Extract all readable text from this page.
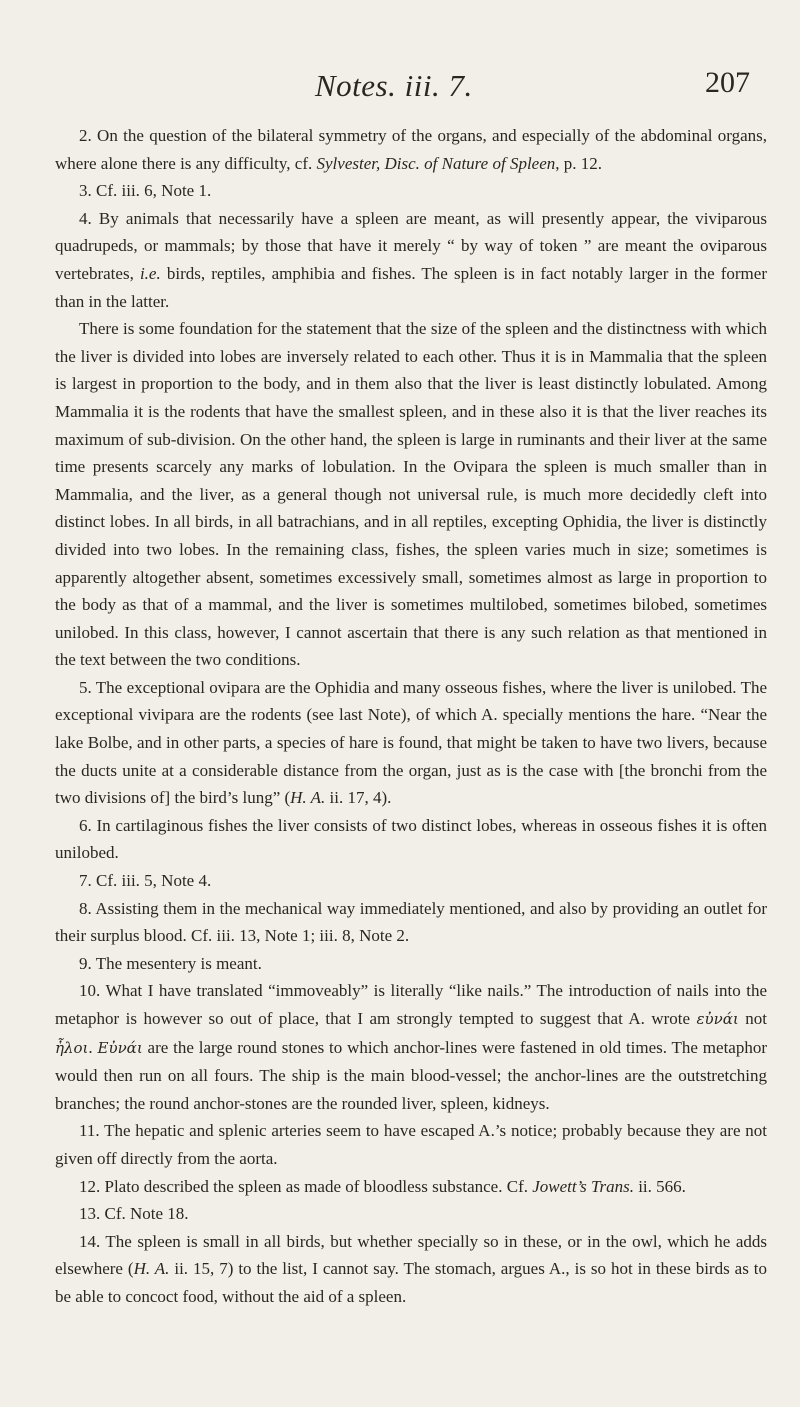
Notes. iii. 7.	207

2. On the question of the bilateral symmetry of the organs, and especially of the abdominal organs, where alone there is any difficulty, cf. Sylvester, Disc. of Nature of Spleen, p. 12.

3. Cf. iii. 6, Note 1.

4. By animals that necessarily have a spleen are meant, as will presently appear, the viviparous quadrupeds, or mammals; by those that have it merely “ by way of token ” are meant the oviparous vertebrates, i.e. birds, reptiles, amphibia and fishes. The spleen is in fact notably larger in the former than in the latter.

There is some foundation for the statement that the size of the spleen and the distinctness with which the liver is divided into lobes are inversely related to each other. Thus it is in Mammalia that the spleen is largest in proportion to the body, and in them also that the liver is least distinctly lobulated. Among Mammalia it is the rodents that have the smallest spleen, and in these also it is that the liver reaches its maximum of sub-division. On the other hand, the spleen is large in ruminants and their liver at the same time presents scarcely any marks of lobulation. In the Ovipara the spleen is much smaller than in Mammalia, and the liver, as a general though not universal rule, is much more decidedly cleft into distinct lobes. In all birds, in all batrachians, and in all reptiles, excepting Ophidia, the liver is distinctly divided into two lobes. In the remaining class, fishes, the spleen varies much in size; sometimes is apparently altogether absent, sometimes excessively small, sometimes almost as large in proportion to the body as that of a mammal, and the liver is sometimes multilobed, sometimes bilobed, sometimes unilobed. In this class, however, I cannot ascertain that there is any such relation as that mentioned in the text between the two conditions.

5. The exceptional ovipara are the Ophidia and many osseous fishes, where the liver is unilobed. The exceptional vivipara are the rodents (see last Note), of which A. specially mentions the hare. “Near the lake Bolbe, and in other parts, a species of hare is found, that might be taken to have two livers, because the ducts unite at a considerable distance from the organ, just as is the case with [the bronchi from the two divisions of] the bird’s lung” (H. A. ii. 17, 4).

6. In cartilaginous fishes the liver consists of two distinct lobes, whereas in osseous fishes it is often unilobed.

7. Cf. iii. 5, Note 4.

8. Assisting them in the mechanical way immediately mentioned, and also by providing an outlet for their surplus blood. Cf. iii. 13, Note 1; iii. 8, Note 2.

9. The mesentery is meant.

10. What I have translated “immoveably” is literally “like nails.” The introduction of nails into the metaphor is however so out of place, that I am strongly tempted to suggest that A. wrote εὐνάι not ἧλοι. Εὐνάι are the large round stones to which anchor-lines were fastened in old times. The metaphor would then run on all fours. The ship is the main blood-vessel; the anchor-lines are the outstretching branches; the round anchor-stones are the rounded liver, spleen, kidneys.

11. The hepatic and splenic arteries seem to have escaped A.’s notice; probably because they are not given off directly from the aorta.

12. Plato described the spleen as made of bloodless substance. Cf. Jowett’s Trans. ii. 566.

13. Cf. Note 18.

14. The spleen is small in all birds, but whether specially so in these, or in the owl, which he adds elsewhere (H. A. ii. 15, 7) to the list, I cannot say. The stomach, argues A., is so hot in these birds as to be able to concoct food, without the aid of a spleen.
